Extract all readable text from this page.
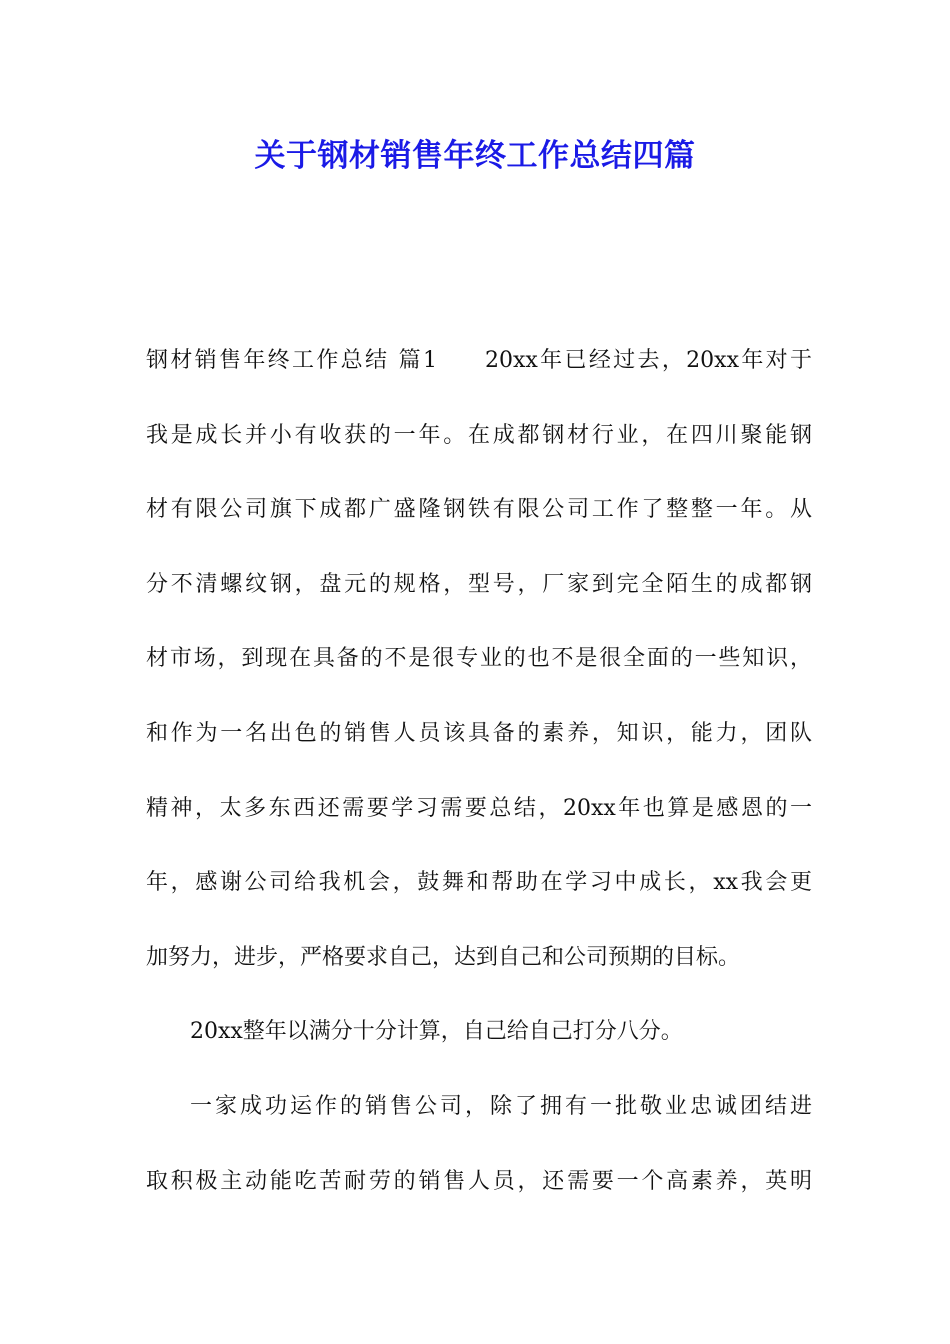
关于钢材销售年终工作总结四篇
钢材销售年终工作总结 篇1 20xx年已经过去，20xx年对于
我是成长并小有收获的一年。在成都钢材行业，在四川聚能钢
材有限公司旗下成都广盛隆钢铁有限公司工作了整整一年。从
分不清螺纹钢，盘元的规格，型号，厂家到完全陌生的成都钢
材市场，到现在具备的不是很专业的也不是很全面的一些知识，
和作为一名出色的销售人员该具备的素养，知识，能力，团队
精神，太多东西还需要学习需要总结，20xx年也算是感恩的一
年，感谢公司给我机会，鼓舞和帮助在学习中成长，xx我会更
加努力，进步，严格要求自己，达到自己和公司预期的目标。
20xx整年以满分十分计算，自己给自己打分八分。
一家成功运作的销售公司，除了拥有一批敬业忠诚团结进
取积极主动能吃苦耐劳的销售人员，还需要一个高素养，英明
